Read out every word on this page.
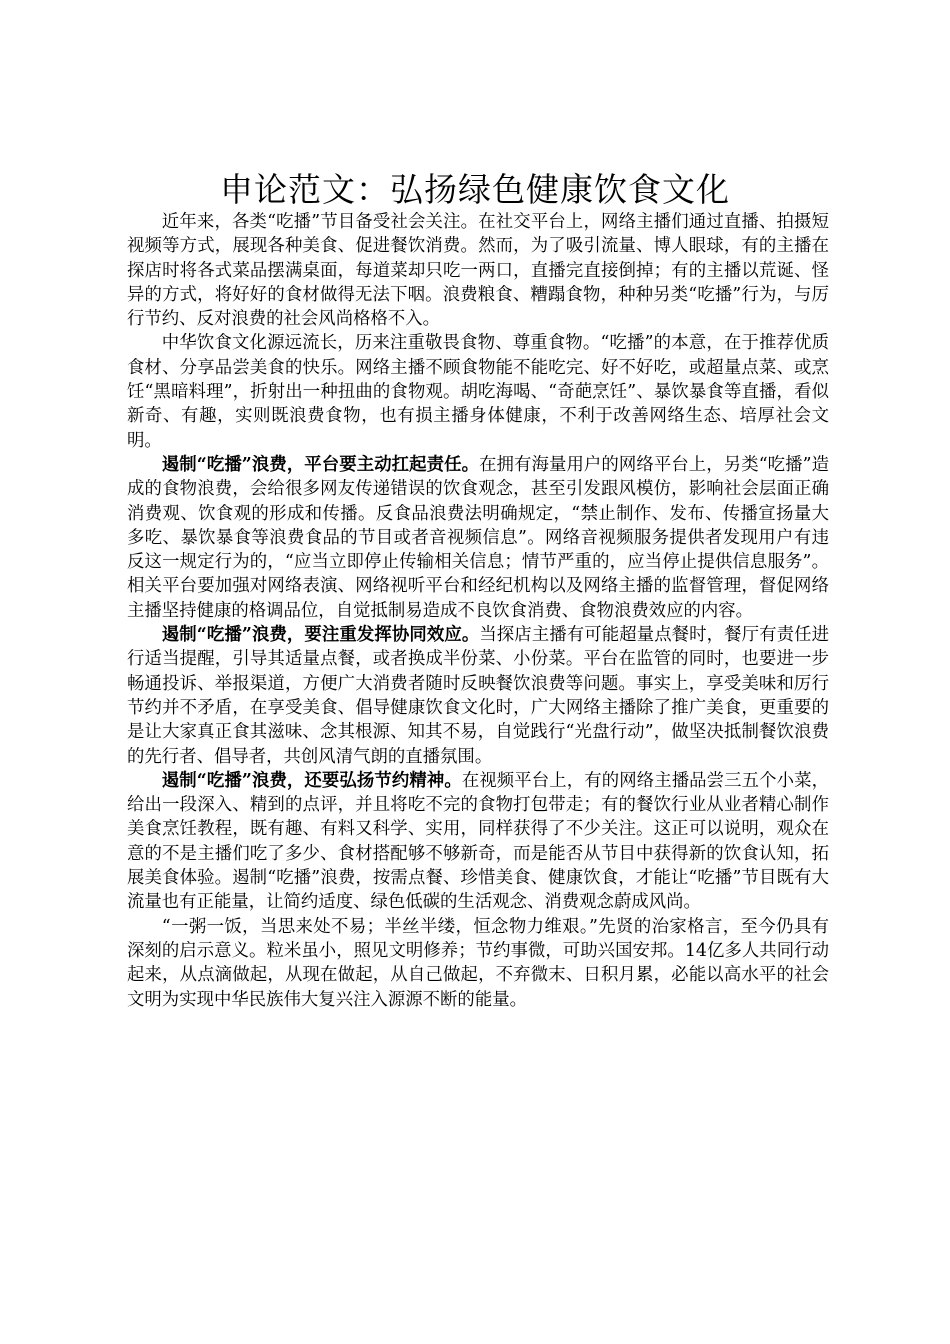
申论范文：弘扬绿色健康饮食文化

近年来，各类“吃播”节目备受社会关注。在社交平台上，网络主播们通过直播、拍摄短视频等方式，展现各种美食、促进餐饮消费。然而，为了吸引流量、博人眼球，有的主播在探店时将各式菜品摆满桌面，每道菜却只吃一两口，直播完直接倒掉；有的主播以荒诞、怪异的方式，将好好的食材做得无法下咽。浪费粮食、糟蹋食物，种种另类“吃播”行为，与厉行节约、反对浪费的社会风尚格格不入。

中华饮食文化源远流长，历来注重敬畏食物、尊重食物。“吃播”的本意，在于推荐优质食材、分享品尝美食的快乐。网络主播不顾食物能不能吃完、好不好吃，或超量点菜、或烹饪“黑暗料理”，折射出一种扭曲的食物观。胡吃海喝、“奇葩烹饪”、暴饮暴食等直播，看似新奇、有趣，实则既浪费食物，也有损主播身体健康，不利于改善网络生态、培厚社会文明。

遏制“吃播”浪费，平台要主动扛起责任。在拥有海量用户的网络平台上，另类“吃播”造成的食物浪费，会给很多网友传递错误的饮食观念，甚至引发跟风模仿，影响社会层面正确消费观、饮食观的形成和传播。反食品浪费法明确规定，“禁止制作、发布、传播宣扬量大多吃、暴饮暴食等浪费食品的节目或者音视频信息”。网络音视频服务提供者发现用户有违反这一规定行为的，“应当立即停止传输相关信息；情节严重的，应当停止提供信息服务”。相关平台要加强对网络表演、网络视听平台和经纪机构以及网络主播的监督管理，督促网络主播坚持健康的格调品位，自觉抵制易造成不良饮食消费、食物浪费效应的内容。

遏制“吃播”浪费，要注重发挥协同效应。当探店主播有可能超量点餐时，餐厅有责任进行适当提醒，引导其适量点餐，或者换成半份菜、小份菜。平台在监管的同时，也要进一步畅通投诉、举报渠道，方便广大消费者随时反映餐饮浪费等问题。事实上，享受美味和厉行节约并不矛盾，在享受美食、倡导健康饮食文化时，广大网络主播除了推广美食，更重要的是让大家真正食其滋味、念其根源、知其不易，自觉践行“光盘行动”，做坚决抵制餐饮浪费的先行者、倡导者，共创风清气朗的直播氛围。

遏制“吃播”浪费，还要弘扬节约精神。在视频平台上，有的网络主播品尝三五个小菜，给出一段深入、精到的点评，并且将吃不完的食物打包带走；有的餐饮行业从业者精心制作美食烹饪教程，既有趣、有料又科学、实用，同样获得了不少关注。这正可以说明，观众在意的不是主播们吃了多少、食材搭配够不够新奇，而是能否从节目中获得新的饮食认知，拓展美食体验。遏制“吃播”浪费，按需点餐、珍惜美食、健康饮食，才能让“吃播”节目既有大流量也有正能量，让简约适度、绿色低碳的生活观念、消费观念蔚成风尚。

“一粥一饭，当思来处不易；半丝半缕，恒念物力维艰。”先贤的治家格言，至今仍具有深刻的启示意义。粒米虽小，照见文明修养；节约事微，可助兴国安邦。14亿多人共同行动起来，从点滴做起，从现在做起，从自己做起，不弃微末、日积月累，必能以高水平的社会文明为实现中华民族伟大复兴注入源源不断的能量。
